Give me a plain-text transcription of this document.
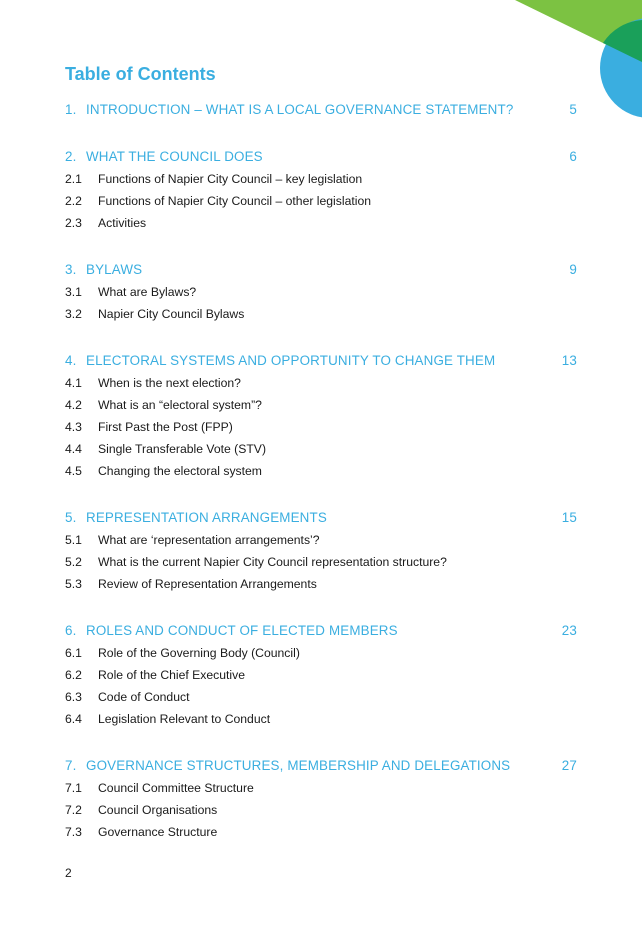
Table of Contents
1. INTRODUCTION – WHAT IS A LOCAL GOVERNANCE STATEMENT?	5
2. WHAT THE COUNCIL DOES	6
2.1	Functions of Napier City Council – key legislation
2.2	Functions of Napier City Council – other legislation
2.3	Activities
3. BYLAWS	9
3.1	What are Bylaws?
3.2	Napier City Council Bylaws
4. ELECTORAL SYSTEMS AND OPPORTUNITY TO CHANGE THEM	13
4.1	When is the next election?
4.2	What is an “electoral system”?
4.3	First Past the Post (FPP)
4.4	Single Transferable Vote (STV)
4.5	Changing the electoral system
5. REPRESENTATION ARRANGEMENTS	15
5.1	What are ‘representation arrangements’?
5.2	What is the current Napier City Council representation structure?
5.3	Review of Representation Arrangements
6. ROLES AND CONDUCT OF ELECTED MEMBERS	23
6.1	Role of the Governing Body (Council)
6.2	Role of the Chief Executive
6.3	Code of Conduct
6.4	Legislation Relevant to Conduct
7. GOVERNANCE STRUCTURES, MEMBERSHIP AND DELEGATIONS	27
7.1	Council Committee Structure
7.2	Council Organisations
7.3	Governance Structure
2
